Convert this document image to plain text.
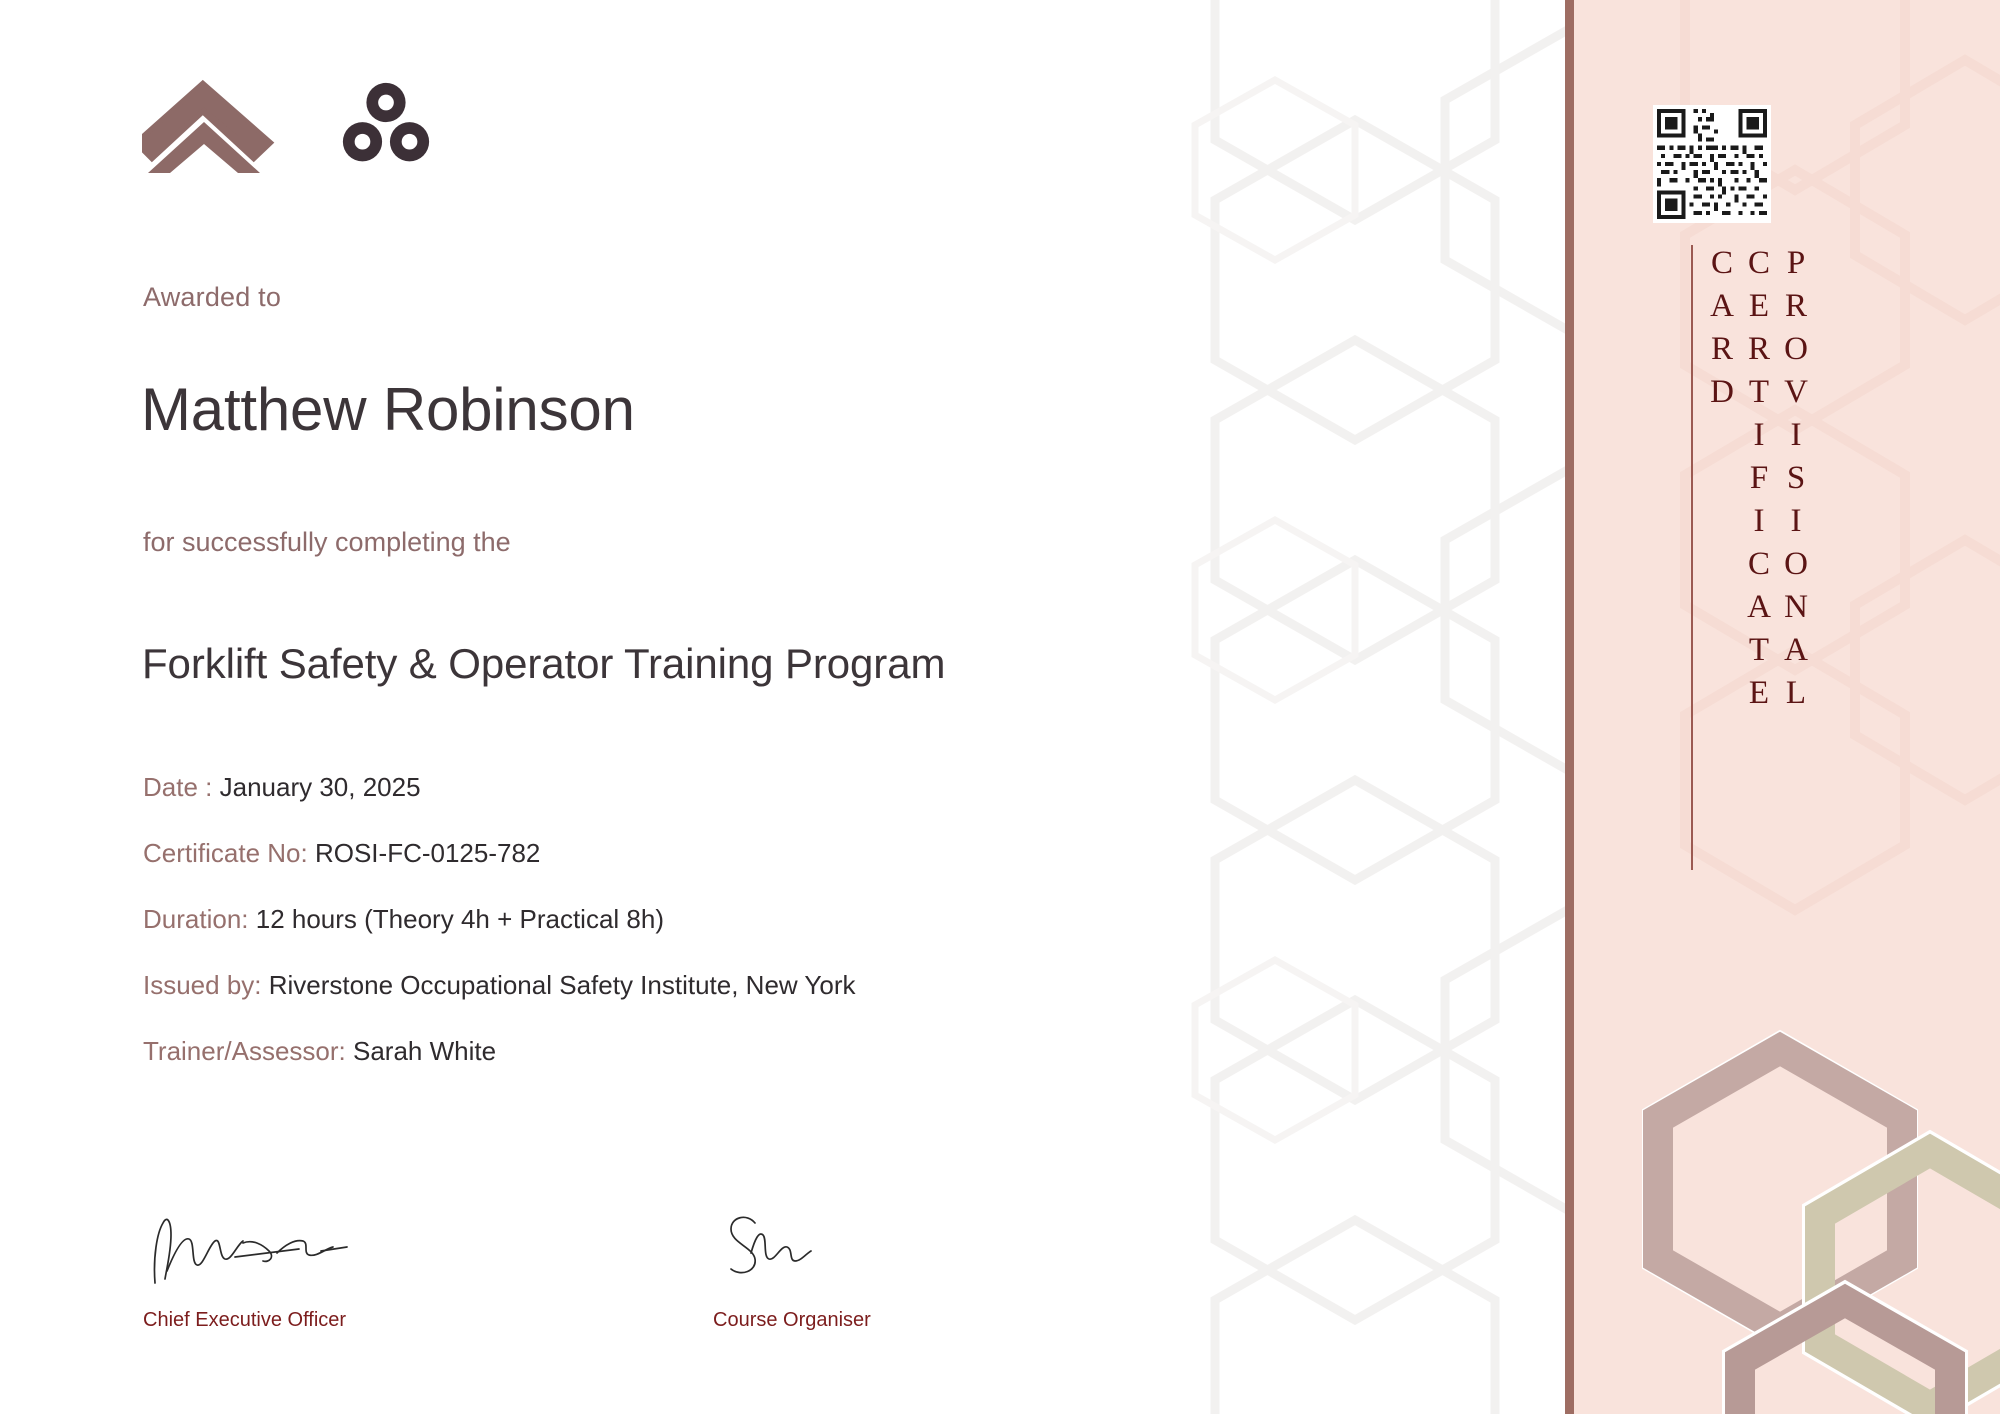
Awarded to
Matthew Robinson
for successfully completing the
Forklift Safety & Operator Training Program
Date : January 30, 2025
Certificate No: ROSI-FC-0125-782
Duration: 12 hours (Theory 4h + Practical 8h)
Issued by: Riverstone Occupational Safety Institute, New York
Trainer/Assessor: Sarah White
Chief Executive Officer	Course Organiser
PROVISIONAL CERTIFICATE CARD
